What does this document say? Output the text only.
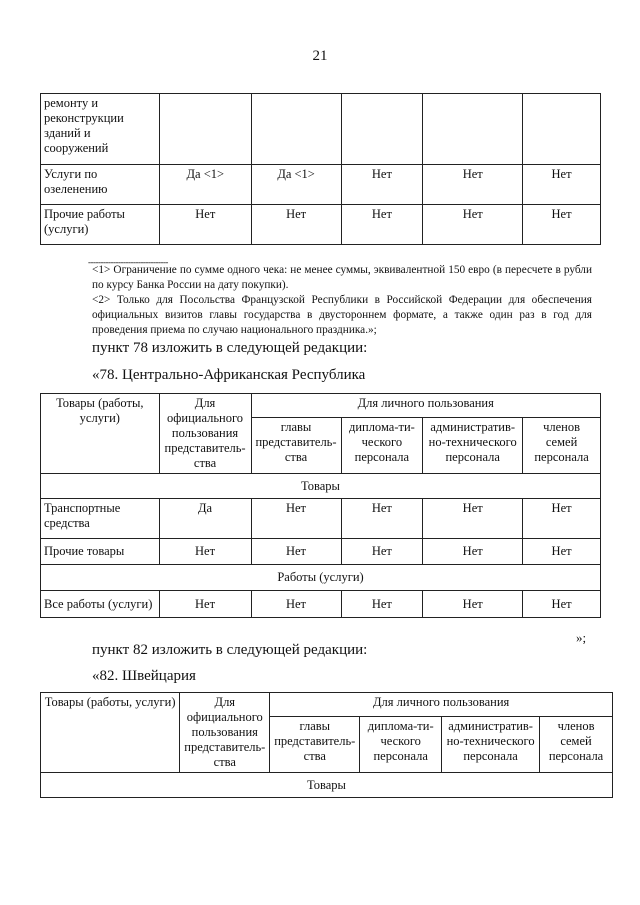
21
ремонту и реконструкции зданий и сооружений					
Услуги по озеленению	Да <1>	Да <1>	Нет	Нет	Нет
Прочие работы (услуги)	Нет	Нет	Нет	Нет	Нет
--------------------------------
<1> Ограничение по сумме одного чека: не менее суммы, эквивалентной 150 евро (в пересчете в рубли по курсу Банка России на дату покупки).
<2> Только для Посольства Французской Республики в Российской Федерации для обеспечения официальных визитов главы государства в двустороннем формате, а также один раз в год для проведения приема по случаю национального праздника.»;
пункт 78 изложить в следующей редакции:
«78. Центрально-Африканская Республика
Товары (работы, услуги)	Для официального пользования представитель-ства	Для личного пользования			
		главы представитель-ства	диплома-ти-ческого персонала	административ-но-технического персонала	членов семей персонала
Товары					
Транспортные средства	Да	Нет	Нет	Нет	Нет
Прочие товары	Нет	Нет	Нет	Нет	Нет
Работы (услуги)					
Все работы (услуги)	Нет	Нет	Нет	Нет	Нет
»;
пункт 82 изложить в следующей редакции:
«82. Швейцария
Товары (работы, услуги)	Для официального пользования представитель-ства	Для личного пользования			
		главы представитель-ства	диплома-ти-ческого персонала	административ-но-технического персонала	членов семей персонала
Товары					
